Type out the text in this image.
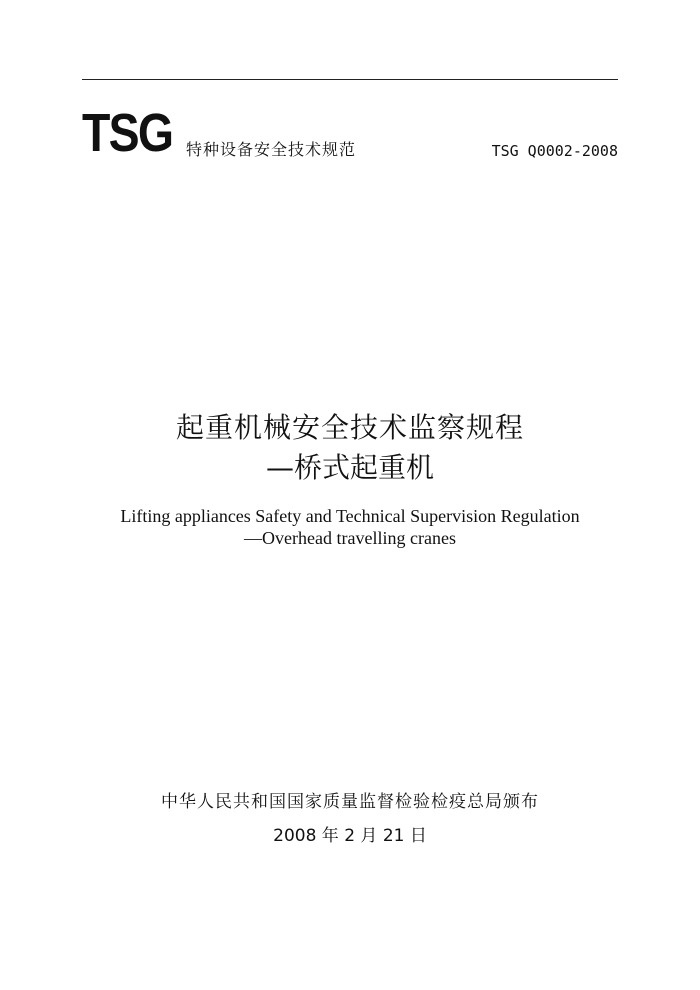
TSG 特种设备安全技术规范	TSG Q0002-2008
起重机械安全技术监察规程
—桥式起重机
Lifting appliances Safety and Technical Supervision Regulation
—Overhead travelling cranes
中华人民共和国国家质量监督检验检疫总局颁布
2008 年 2 月 21 日
